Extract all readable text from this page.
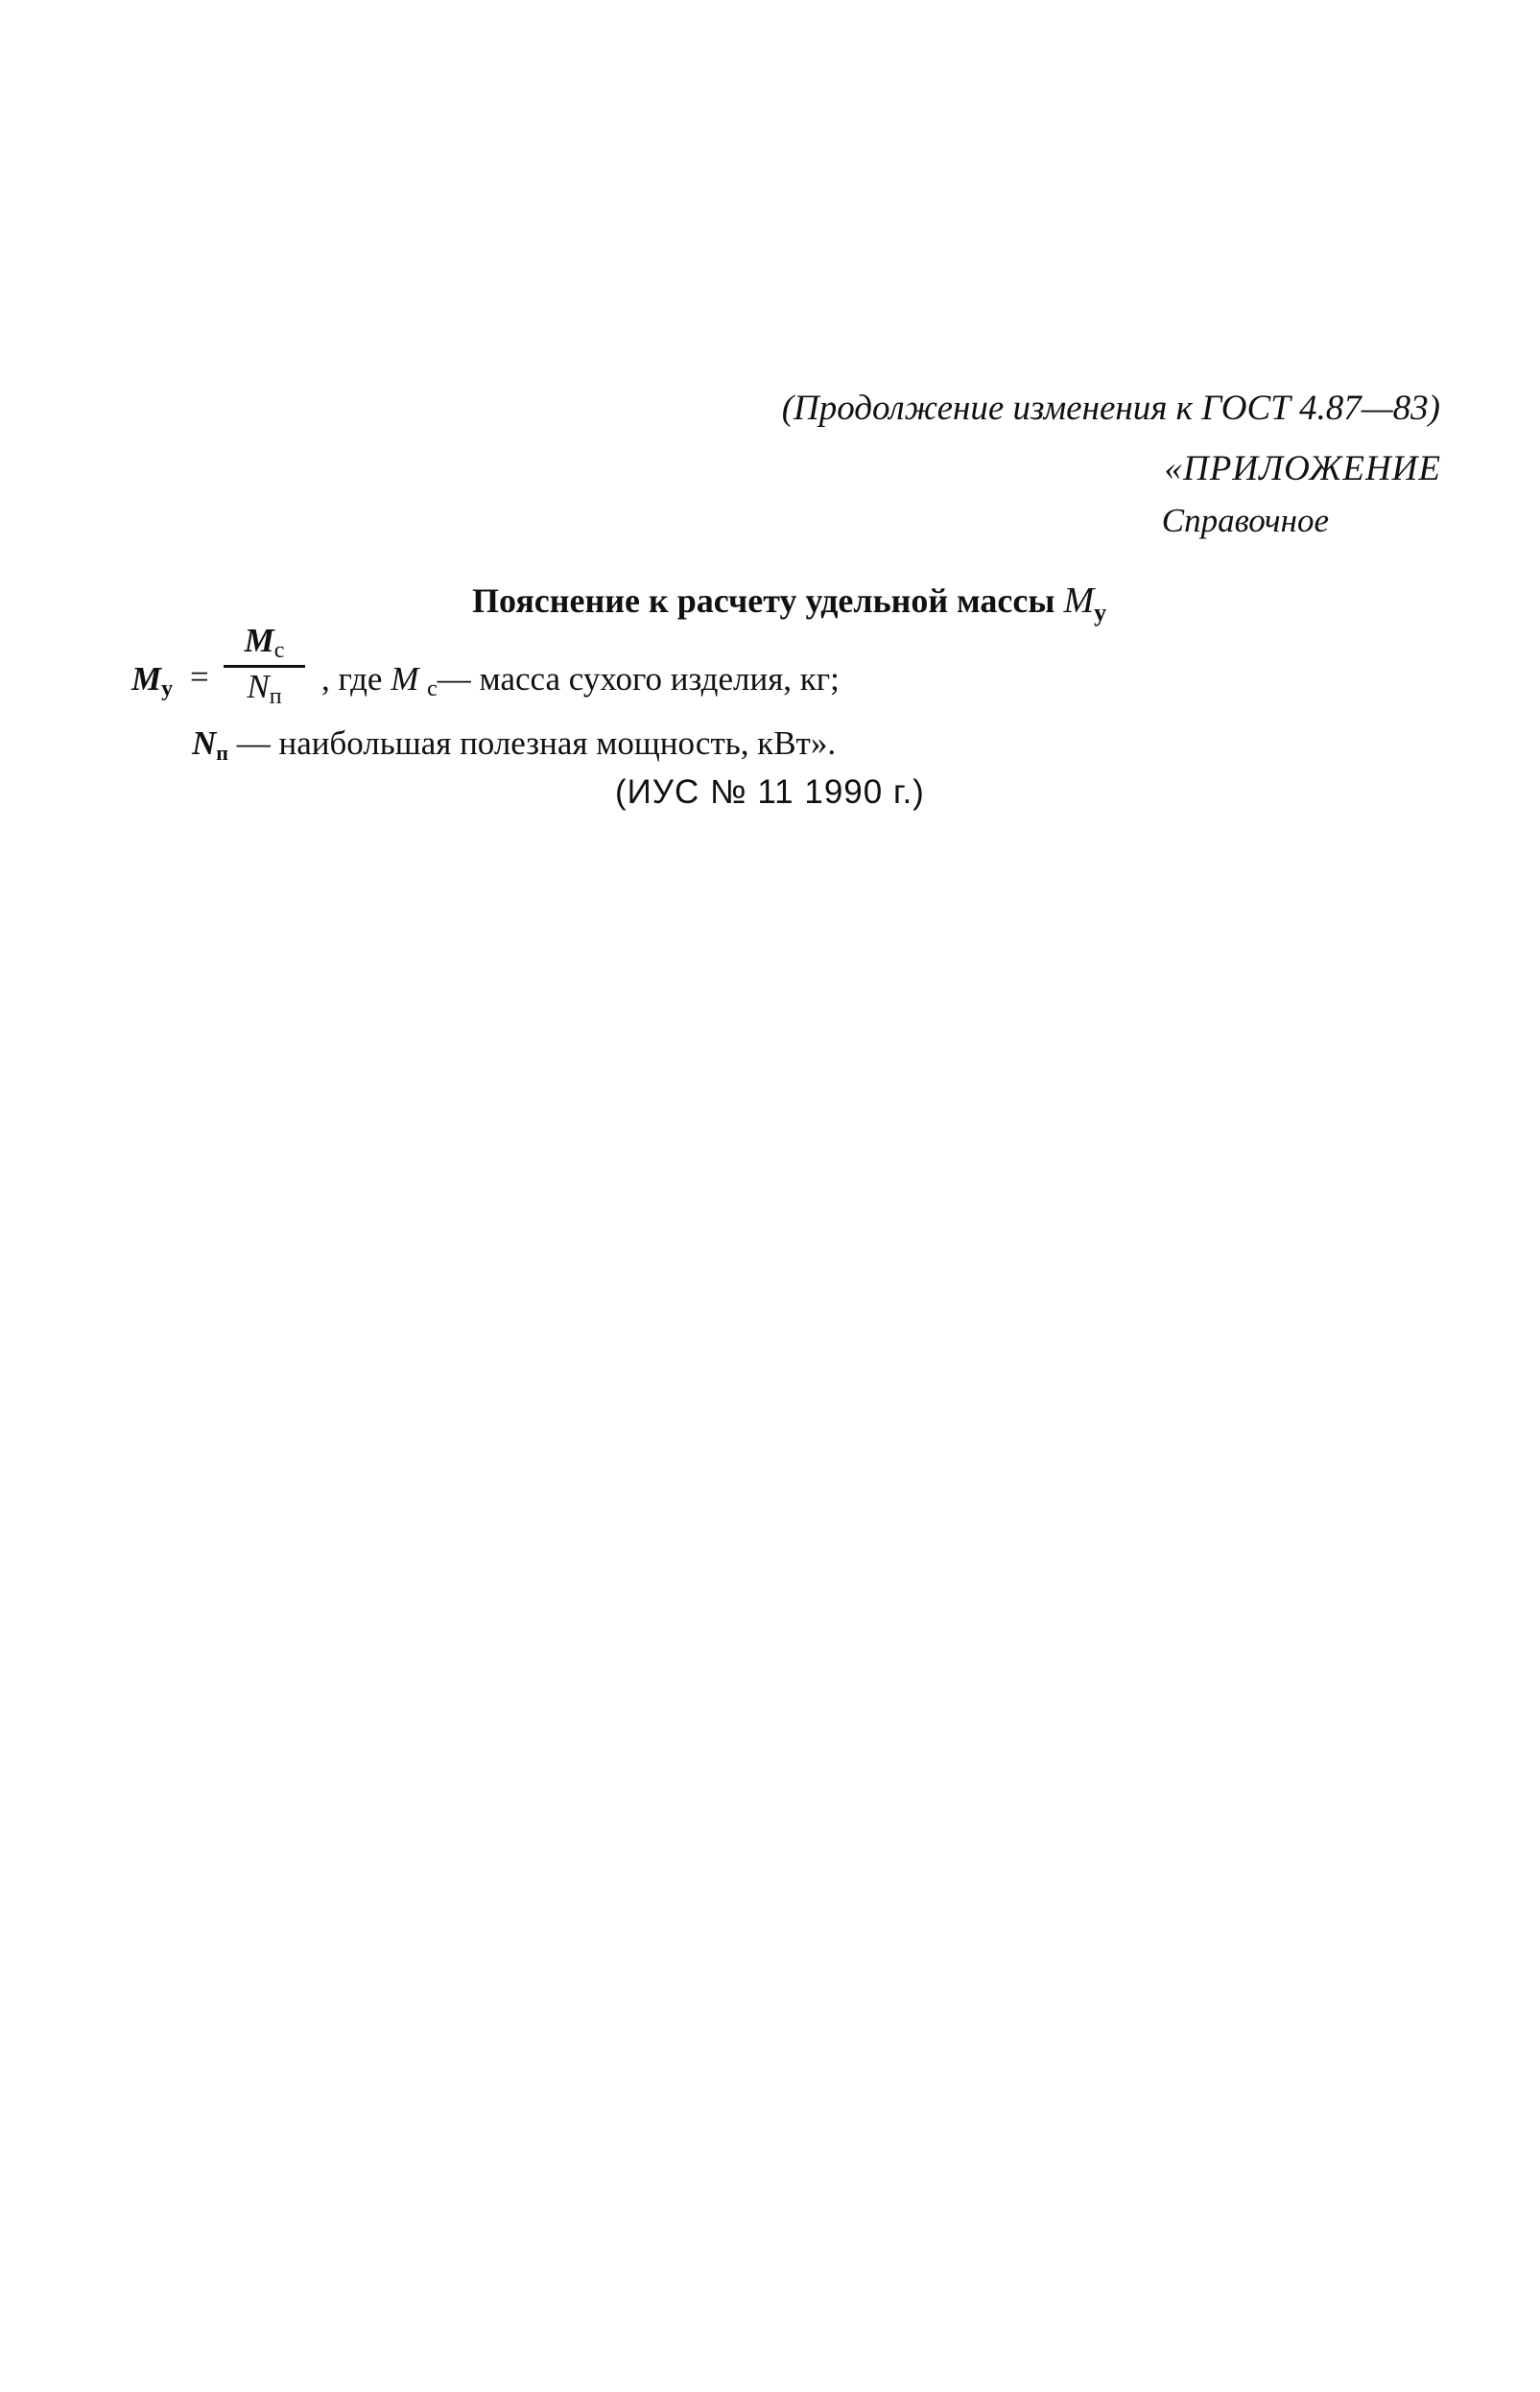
(Продолжение изменения к ГОСТ 4.87—83)
«ПРИЛОЖЕНИЕ
Справочное
Пояснение к расчету удельной массы $M_у$
$M_у$ =
$M_с$
$N_п$	, где M $_с$— масса сухого изделия, кг;
$N_п$ — наибольшая полезная мощность, кВт».
(ИУС № 11 1990 г.)
